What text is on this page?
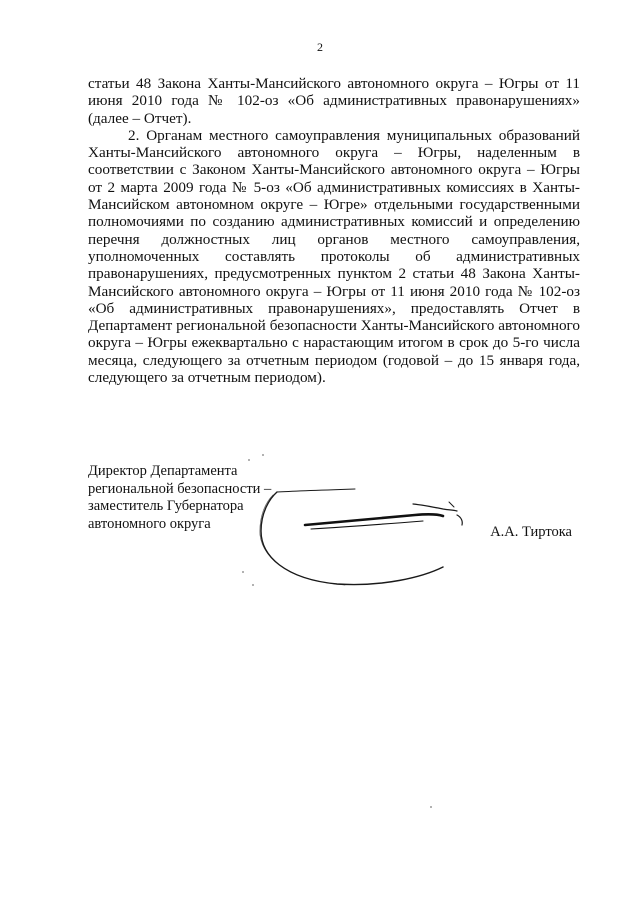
2

статьи 48 Закона Ханты-Мансийского автономного округа – Югры от 11 июня 2010 года № 102-оз «Об административных правонарушениях» (далее – Отчет).

2. Органам местного самоуправления муниципальных образований Ханты-Мансийского автономного округа – Югры, наделенным в соответствии с Законом Ханты-Мансийского автономного округа – Югры от 2 марта 2009 года № 5-оз «Об административных комиссиях в Ханты-Мансийском автономном округе – Югре» отдельными государственными полномочиями по созданию административных комиссий и определению перечня должностных лиц органов местного самоуправления, уполномоченных составлять протоколы об административных правонарушениях, предусмотренных пунктом 2 статьи 48 Закона Ханты-Мансийского автономного округа – Югры от 11 июня 2010 года № 102-оз «Об административных правонарушениях», предоставлять Отчет в Департамент региональной безопасности Ханты-Мансийского автономного округа – Югры ежеквартально с нарастающим итогом в срок до 5-го числа месяца, следующего за отчетным периодом (годовой – до 15 января года, следующего за отчетным периодом).

Директор Департамента
региональной безопасности –
заместитель Губернатора
автономного округа
А.А. Тиртока
